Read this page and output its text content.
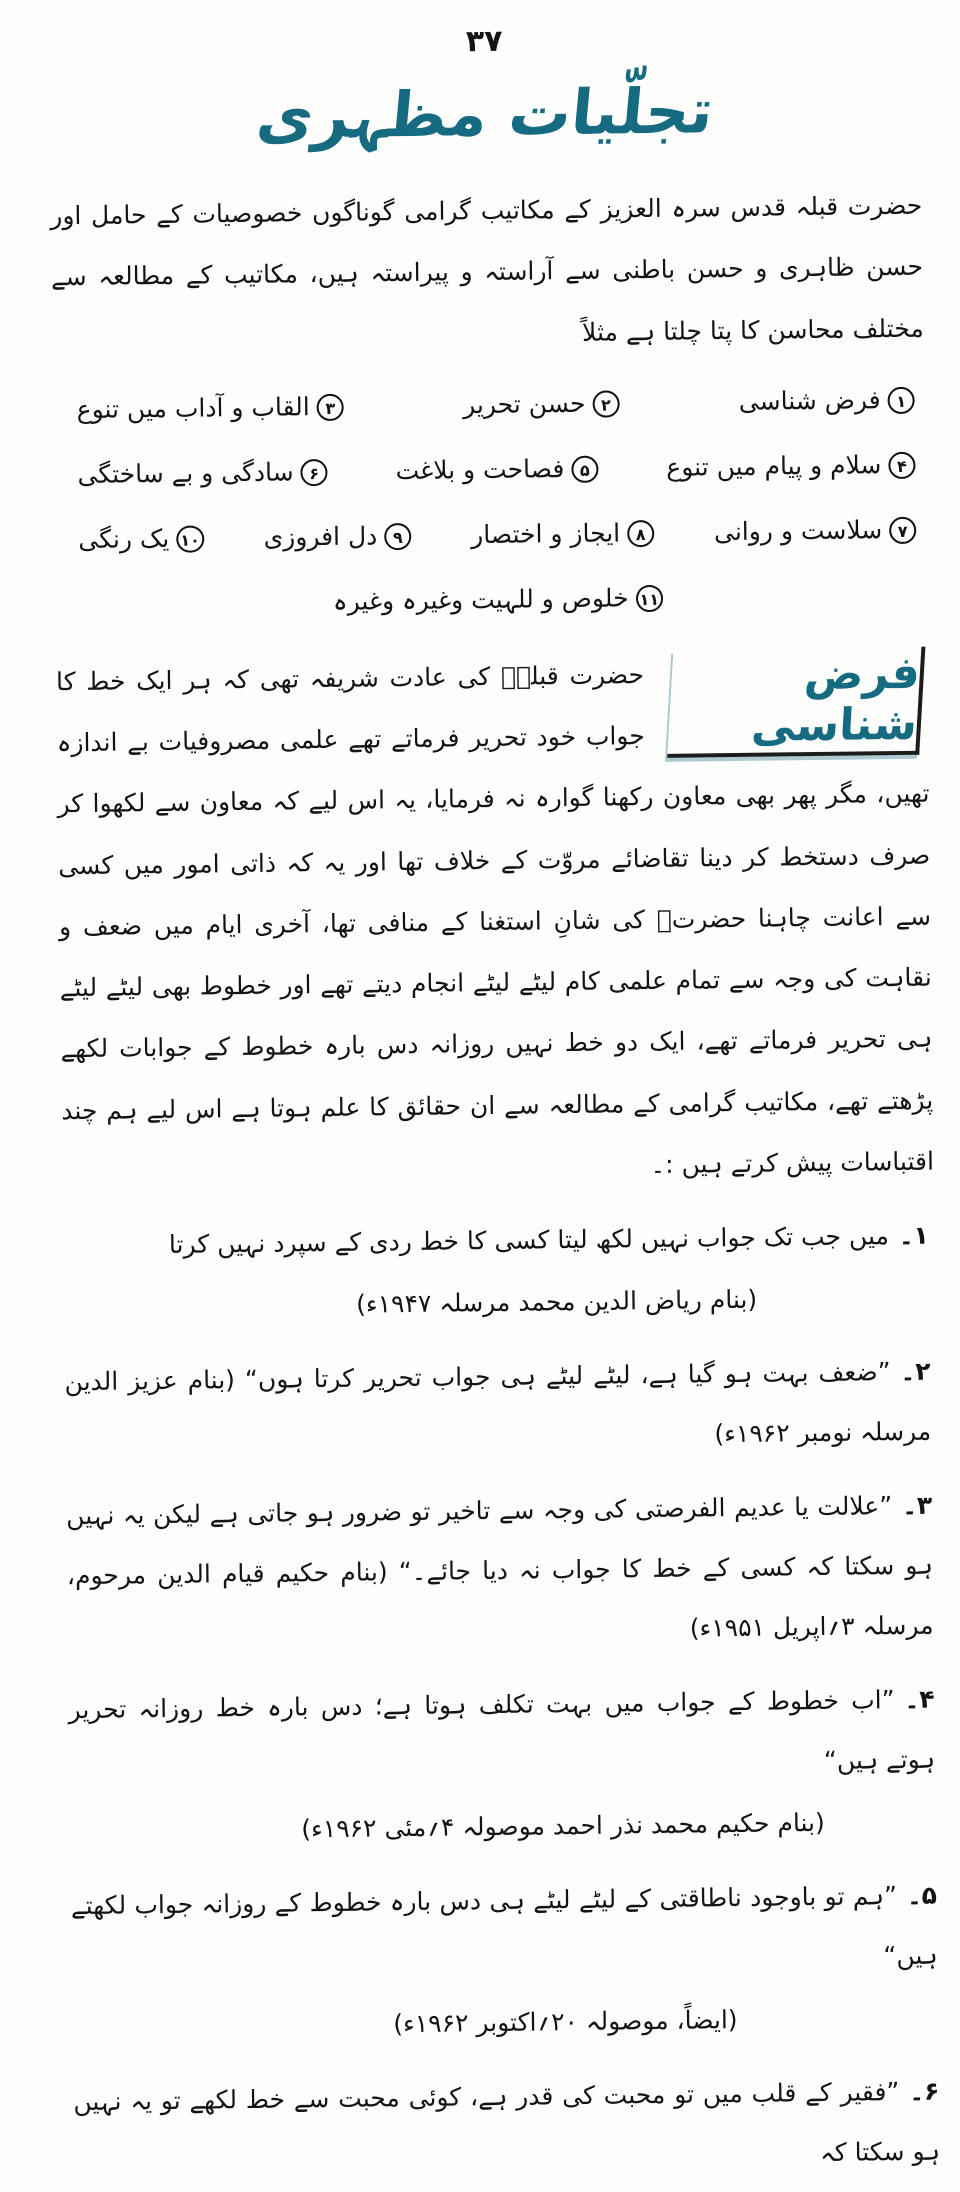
۳۷
تجلّیات مظہری

حضرت قبلہ قدس سرہ العزیز کے مکاتیب گرامی گوناگوں خصوصیات کے حامل اور حسن ظاہری و حسن باطنی سے آراستہ و پیراستہ ہیں، مکاتیب کے مطالعہ سے مختلف محاسن کا پتا چلتا ہے مثلاً

۱فرض شناسی ۲حسن تحریر ۳القاب و آداب میں تنوع ۴سلام و پیام میں تنوع ۵فصاحت و بلاغت ۶سادگی و بے ساختگی ۷سلاست و روانی ۸ایجاز و اختصار ۹دل افروزی ۱۰یک رنگی ۱۱خلوص و للہیت وغیرہ وغیرہ

فرض شناسی

حضرت قبلہؓ کی عادت شریفہ تھی کہ ہر ایک خط کا جواب خود تحریر فرماتے تھے علمی مصروفیات بے اندازہ تھیں، مگر پھر بھی معاون رکھنا گوارہ نہ فرمایا، یہ اس لیے کہ معاون سے لکھوا کر صرف دستخط کر دینا تقاضائے مروّت کے خلاف تھا اور یہ کہ ذاتی امور میں کسی سے اعانت چاہنا حضرتؒ کی شانِ استغنا کے منافی تھا، آخری ایام میں ضعف و نقاہت کی وجہ سے تمام علمی کام لیٹے لیٹے انجام دیتے تھے اور خطوط بھی لیٹے لیٹے ہی تحریر فرماتے تھے، ایک دو خط نہیں روزانہ دس بارہ خطوط کے جوابات لکھے پڑھتے تھے، مکاتیب گرامی کے مطالعہ سے ان حقائق کا علم ہوتا ہے اس لیے ہم چند اقتباسات پیش کرتے ہیں :۔

۱۔میں جب تک جواب نہیں لکھ لیتا کسی کا خط ردی کے سپرد نہیں کرتا
(بنام ریاض الدین محمد مرسلہ ۱۹۴۷ء)
۲۔”ضعف بہت ہو گیا ہے، لیٹے لیٹے ہی جواب تحریر کرتا ہوں“ (بنام عزیز الدین مرسلہ نومبر ۱۹۶۲ء)
۳۔”علالت یا عدیم الفرصتی کی وجہ سے تاخیر تو ضرور ہو جاتی ہے لیکن یہ نہیں ہو سکتا کہ کسی کے خط کا جواب نہ دیا جائے۔“ (بنام حکیم قیام الدین مرحوم، مرسلہ ۳؍اپریل ۱۹۵۱ء)
۴۔”اب خطوط کے جواب میں بہت تکلف ہوتا ہے؛ دس بارہ خط روزانہ تحریر ہوتے ہیں“
(بنام حکیم محمد نذر احمد موصولہ ۴؍مئی ۱۹۶۲ء)
۵۔”ہم تو باوجود ناطاقتی کے لیٹے لیٹے ہی دس بارہ خطوط کے روزانہ جواب لکھتے ہیں“
(ایضاً، موصولہ ۲۰؍اکتوبر ۱۹۶۲ء)
۶۔”فقیر کے قلب میں تو محبت کی قدر ہے، کوئی محبت سے خط لکھے تو یہ نہیں ہو سکتا کہ
